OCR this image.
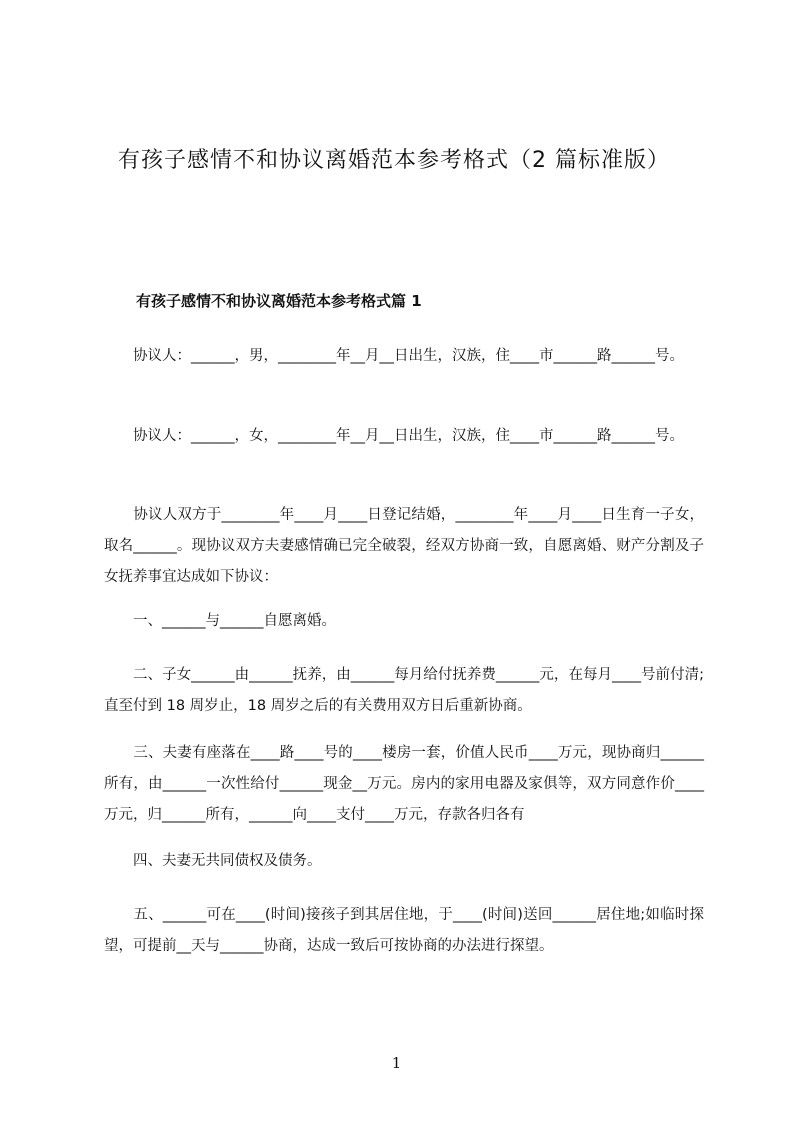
有孩子感情不和协议离婚范本参考格式（2 篇标准版）
有孩子感情不和协议离婚范本参考格式篇 1
　　协议人：______，男，________年__月__日出生，汉族，住____市______路______号。
　　协议人：______，女，________年__月__日出生，汉族，住____市______路______号。
　　协议人双方于________年____月____日登记结婚，________年____月____日生育一子女，取名______。现协议双方夫妻感情确已完全破裂，经双方协商一致，自愿离婚、财产分割及子女抚养事宜达成如下协议：
　　一、______与______自愿离婚。
　　二、子女______由______抚养，由______每月给付抚养费______元，在每月____号前付清;直至付到 18 周岁止，18 周岁之后的有关费用双方日后重新协商。
　　三、夫妻有座落在____路____号的____楼房一套，价值人民币____万元，现协商归______所有，由______一次性给付______现金__万元。房内的家用电器及家俱等，双方同意作价____万元，归______所有，______向____支付____万元，存款各归各有
　　四、夫妻无共同债权及债务。
　　五、______可在____(时间)接孩子到其居住地，于____(时间)送回______居住地;如临时探望，可提前__天与______协商，达成一致后可按协商的办法进行探望。
1
